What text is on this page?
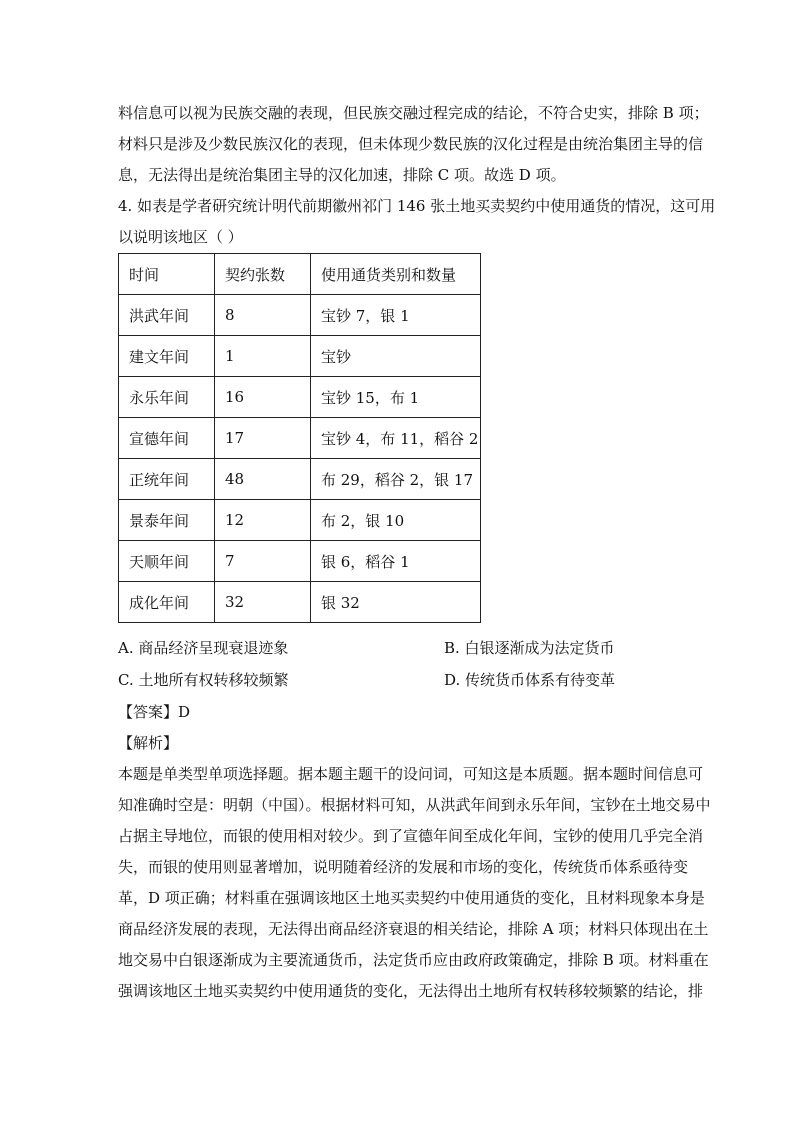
料信息可以视为民族交融的表现，但民族交融过程完成的结论，不符合史实，排除 B 项；
材料只是涉及少数民族汉化的表现，但未体现少数民族的汉化过程是由统治集团主导的信
息，无法得出是统治集团主导的汉化加速，排除 C 项。故选 D 项。
4. 如表是学者研究统计明代前期徽州祁门 146 张土地买卖契约中使用通货的情况，这可用
以说明该地区（ ）
时间	契约张数	使用通货类别和数量
洪武年间	8	宝钞 7，银 1
建文年间	1	宝钞
永乐年间	16	宝钞 15，布 1
宣德年间	17	宝钞 4，布 11，稻谷 2
正统年间	48	布 29，稻谷 2，银 17
景泰年间	12	布 2，银 10
天顺年间	7	银 6，稻谷 1
成化年间	32	银 32
A. 商品经济呈现衰退迹象	B. 白银逐渐成为法定货币
C. 土地所有权转移较频繁	D. 传统货币体系有待变革
【答案】D
【解析】
本题是单类型单项选择题。据本题主题干的设问词，可知这是本质题。据本题时间信息可
知准确时空是：明朝（中国）。根据材料可知，从洪武年间到永乐年间，宝钞在土地交易中
占据主导地位，而银的使用相对较少。到了宣德年间至成化年间，宝钞的使用几乎完全消
失，而银的使用则显著增加，说明随着经济的发展和市场的变化，传统货币体系亟待变
革，D 项正确；材料重在强调该地区土地买卖契约中使用通货的变化，且材料现象本身是
商品经济发展的表现，无法得出商品经济衰退的相关结论，排除 A 项；材料只体现出在土
地交易中白银逐渐成为主要流通货币，法定货币应由政府政策确定，排除 B 项。材料重在
强调该地区土地买卖契约中使用通货的变化，无法得出土地所有权转移较频繁的结论，排
